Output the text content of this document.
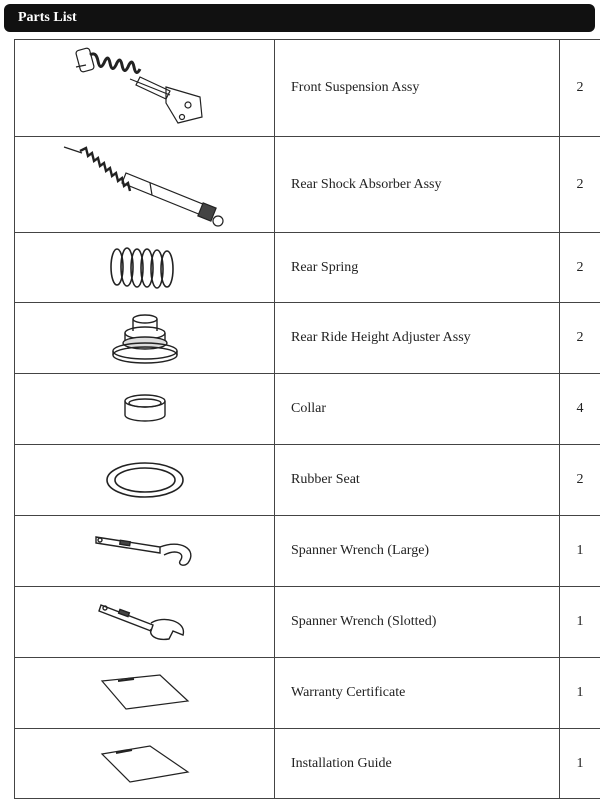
Parts List
	Front Suspension Assy	2

	Rear Shock Absorber Assy	2

	Rear Spring	2

	Rear Ride Height Adjuster Assy	2

	Collar	4

	Rubber Seat	2

	Spanner Wrench (Large)	1

	Spanner Wrench (Slotted)	1

	Warranty Certificate	1

	Installation Guide	1
